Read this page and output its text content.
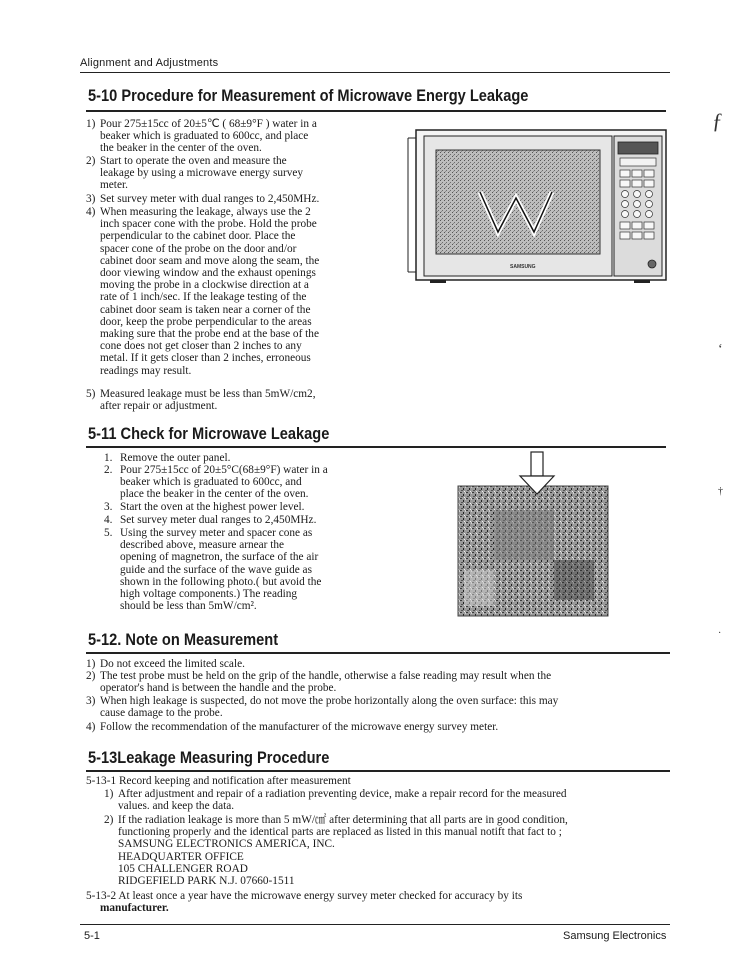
Alignment and Adjustments
5-10 Procedure for Measurement of Microwave Energy Leakage
1) Pour 275±15cc of 20±5℃ ( 68±9°F ) water in a
beaker which is graduated to 600cc, and place
the beaker in the center of the oven.
2) Start to operate the oven and measure the
leakage by using a microwave energy survey
meter.
3) Set survey meter with dual ranges to 2,450MHz.
4) When measuring the leakage, always use the 2
inch spacer cone with the probe. Hold the probe
perpendicular to the cabinet door. Place the
spacer cone of the probe on the door and/or
cabinet door seam and move along the seam, the
door viewing window and the exhaust openings
moving the probe in a clockwise direction at a
rate of 1 inch/sec. If the leakage testing of the
cabinet door seam is taken near a corner of the
door, keep the probe perpendicular to the areas
making sure that the probe end at the base of the
cone does not get closer than 2 inches to any
metal. If it gets closer than 2 inches, erroneous
readings may result.
5) Measured leakage must be less than 5mW/cm2,
after repair or adjustment.
SAMSUNG
5-11 Check for Microwave Leakage
1. Remove the outer panel.
2. Pour 275±15cc of 20±5°C(68±9°F) water in a
beaker which is graduated to 600cc, and
place the beaker in the center of the oven.
3. Start the oven at the highest power level.
4. Set survey meter dual ranges to 2,450MHz.
5. Using the survey meter and spacer cone as
described above, measure arnear the
opening of magnetron, the surface of the air
guide and the surface of the wave guide as
shown in the following photo.( but avoid the
high voltage components.) The reading
should be less than 5mW/cm².
5-12. Note on Measurement
1) Do not exceed the limited scale.
2) The test probe must be held on the grip of the handle, otherwise a false reading may result when the
operator's hand is between the handle and the probe.
3) When high leakage is suspected, do not move the probe horizontally along the oven surface: this may
cause damage to the probe.
4) Follow the recommendation of the manufacturer of the microwave energy survey meter.
5-13Leakage Measuring Procedure
5-13-1 Record keeping and notification after measurement
1) After adjustment and repair of a radiation preventing device, make a repair record for the measured
values. and keep the data.
2) If the radiation leakage is more than 5 mW/㎠ after determining that all parts are in good condition,
functioning properly and the identical parts are replaced as listed in this manual notift that fact to ;
SAMSUNG ELECTRONICS AMERICA, INC.
HEADQUARTER OFFICE
105 CHALLENGER ROAD
RIDGEFIELD PARK N.J. 07660-1511
5-13-2 At least once a year have the microwave energy survey meter checked for accuracy by its
manufacturer.
5-1	Samsung Electronics
ƒ
‘
†
·
